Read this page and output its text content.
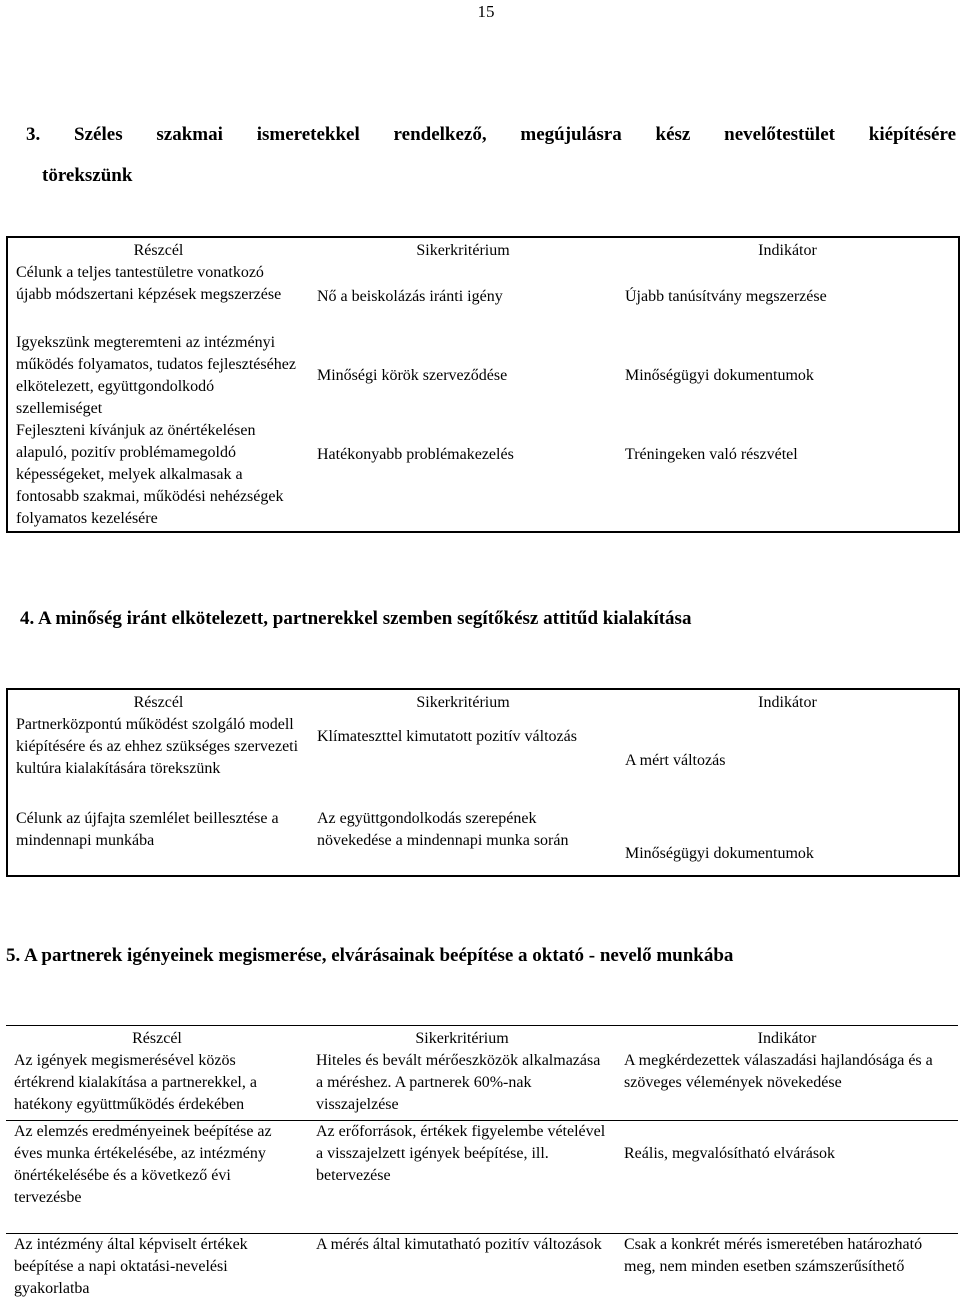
15
3. Széles szakmai ismeretekkel rendelkező, megújulásra kész nevelőtestület kiépítésére
törekszünk
Részcél	Sikerkritérium	Indikátor
Célunk a teljes tantestületre vonatkozó újabb módszertani képzések megszerzése	Nő a beiskolázás iránti igény	Újabb tanúsítvány megszerzése
Igyekszünk megteremteni az intézményi működés folyamatos, tudatos fejlesztéséhez elkötelezett, együttgondolkodó szellemiséget	Minőségi körök szerveződése	Minőségügyi dokumentumok
Fejleszteni kívánjuk az önértékelésen alapuló, pozitív problémamegoldó képességeket, melyek alkalmasak a fontosabb szakmai, működési nehézségek folyamatos kezelésére	Hatékonyabb problémakezelés	Tréningeken való részvétel
4. A minőség iránt elkötelezett, partnerekkel szemben segítőkész attitűd kialakítása
Részcél	Sikerkritérium	Indikátor
Partnerközpontú működést szolgáló modell kiépítésére és az ehhez szükséges szervezeti kultúra kialakítására törekszünk	Klímateszttel kimutatott pozitív változás	A mért változás
Célunk az újfajta szemlélet beillesztése a mindennapi munkába	Az együttgondolkodás szerepének növekedése a mindennapi munka során	Minőségügyi dokumentumok
5. A partnerek igényeinek megismerése, elvárásainak beépítése a oktató - nevelő munkába
Részcél	Sikerkritérium	Indikátor
Az igények megismerésével közös értékrend kialakítása a partnerekkel, a hatékony együttműködés érdekében	Hiteles és bevált mérőeszközök alkalmazása a méréshez. A partnerek 60%-nak visszajelzése	A megkérdezettek válaszadási hajlandósága és a szöveges vélemények növekedése
Az elemzés eredményeinek beépítése az éves munka értékelésébe, az intézmény önértékelésébe és a következő évi tervezésbe	Az erőforrások, értékek figyelembe vételével a visszajelzett igények beépítése, ill. betervezése	Reális, megvalósítható elvárások
Az intézmény által képviselt értékek beépítése a napi oktatási-nevelési gyakorlatba	A mérés által kimutatható pozitív változások	Csak a konkrét mérés ismeretében határozható meg, nem minden esetben számszerűsíthető
